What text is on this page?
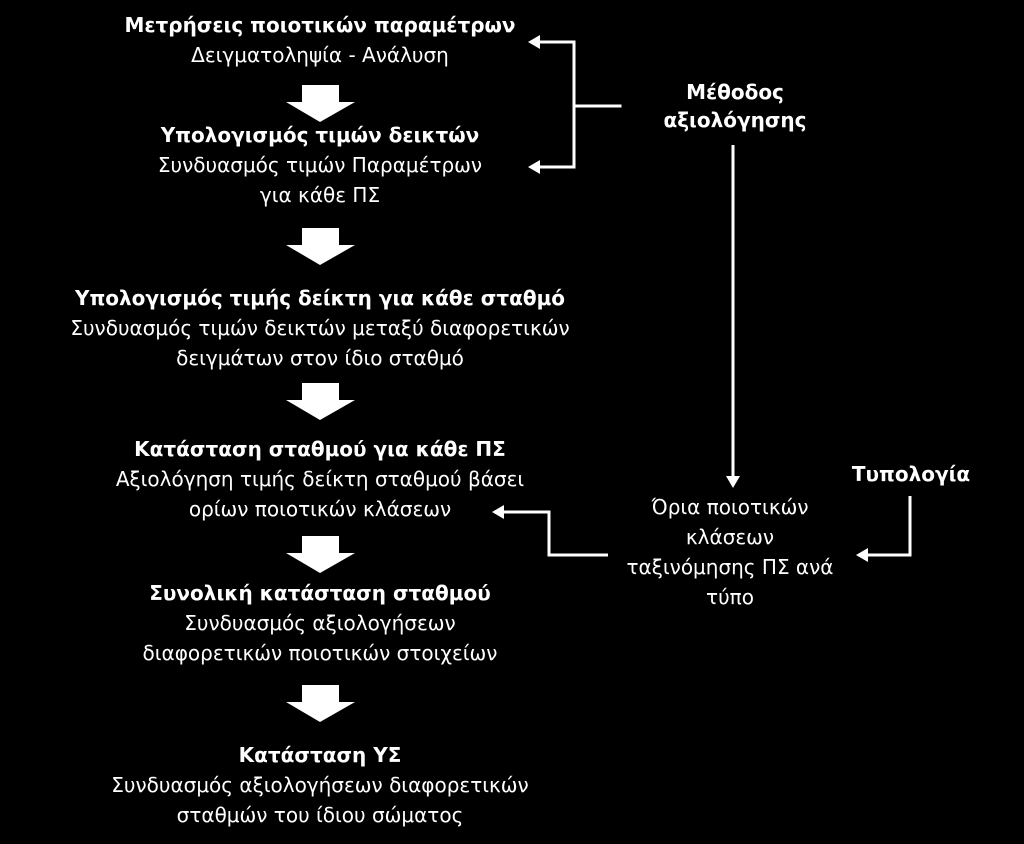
Μετρήσεις ποιοτικών παραμέτρων
Δειγματοληψία - Ανάλυση
Υπολογισμός τιμών δεικτών
Συνδυασμός τιμών Παραμέτρων
για κάθε ΠΣ
Υπολογισμός τιμής δείκτη για κάθε σταθμό
Συνδυασμός τιμών δεικτών μεταξύ διαφορετικών
δειγμάτων στον ίδιο σταθμό
Κατάσταση σταθμού για κάθε ΠΣ
Αξιολόγηση τιμής δείκτη σταθμού βάσει
ορίων ποιοτικών κλάσεων
Συνολική κατάσταση σταθμού
Συνδυασμός αξιολογήσεων
διαφορετικών ποιοτικών στοιχείων
Κατάσταση ΥΣ
Συνδυασμός αξιολογήσεων διαφορετικών
σταθμών του ίδιου σώματος
Μέθοδος
αξιολόγησης
Τυπολογία
Όρια ποιοτικών
κλάσεων
ταξινόμησης ΠΣ ανά
τύπο
